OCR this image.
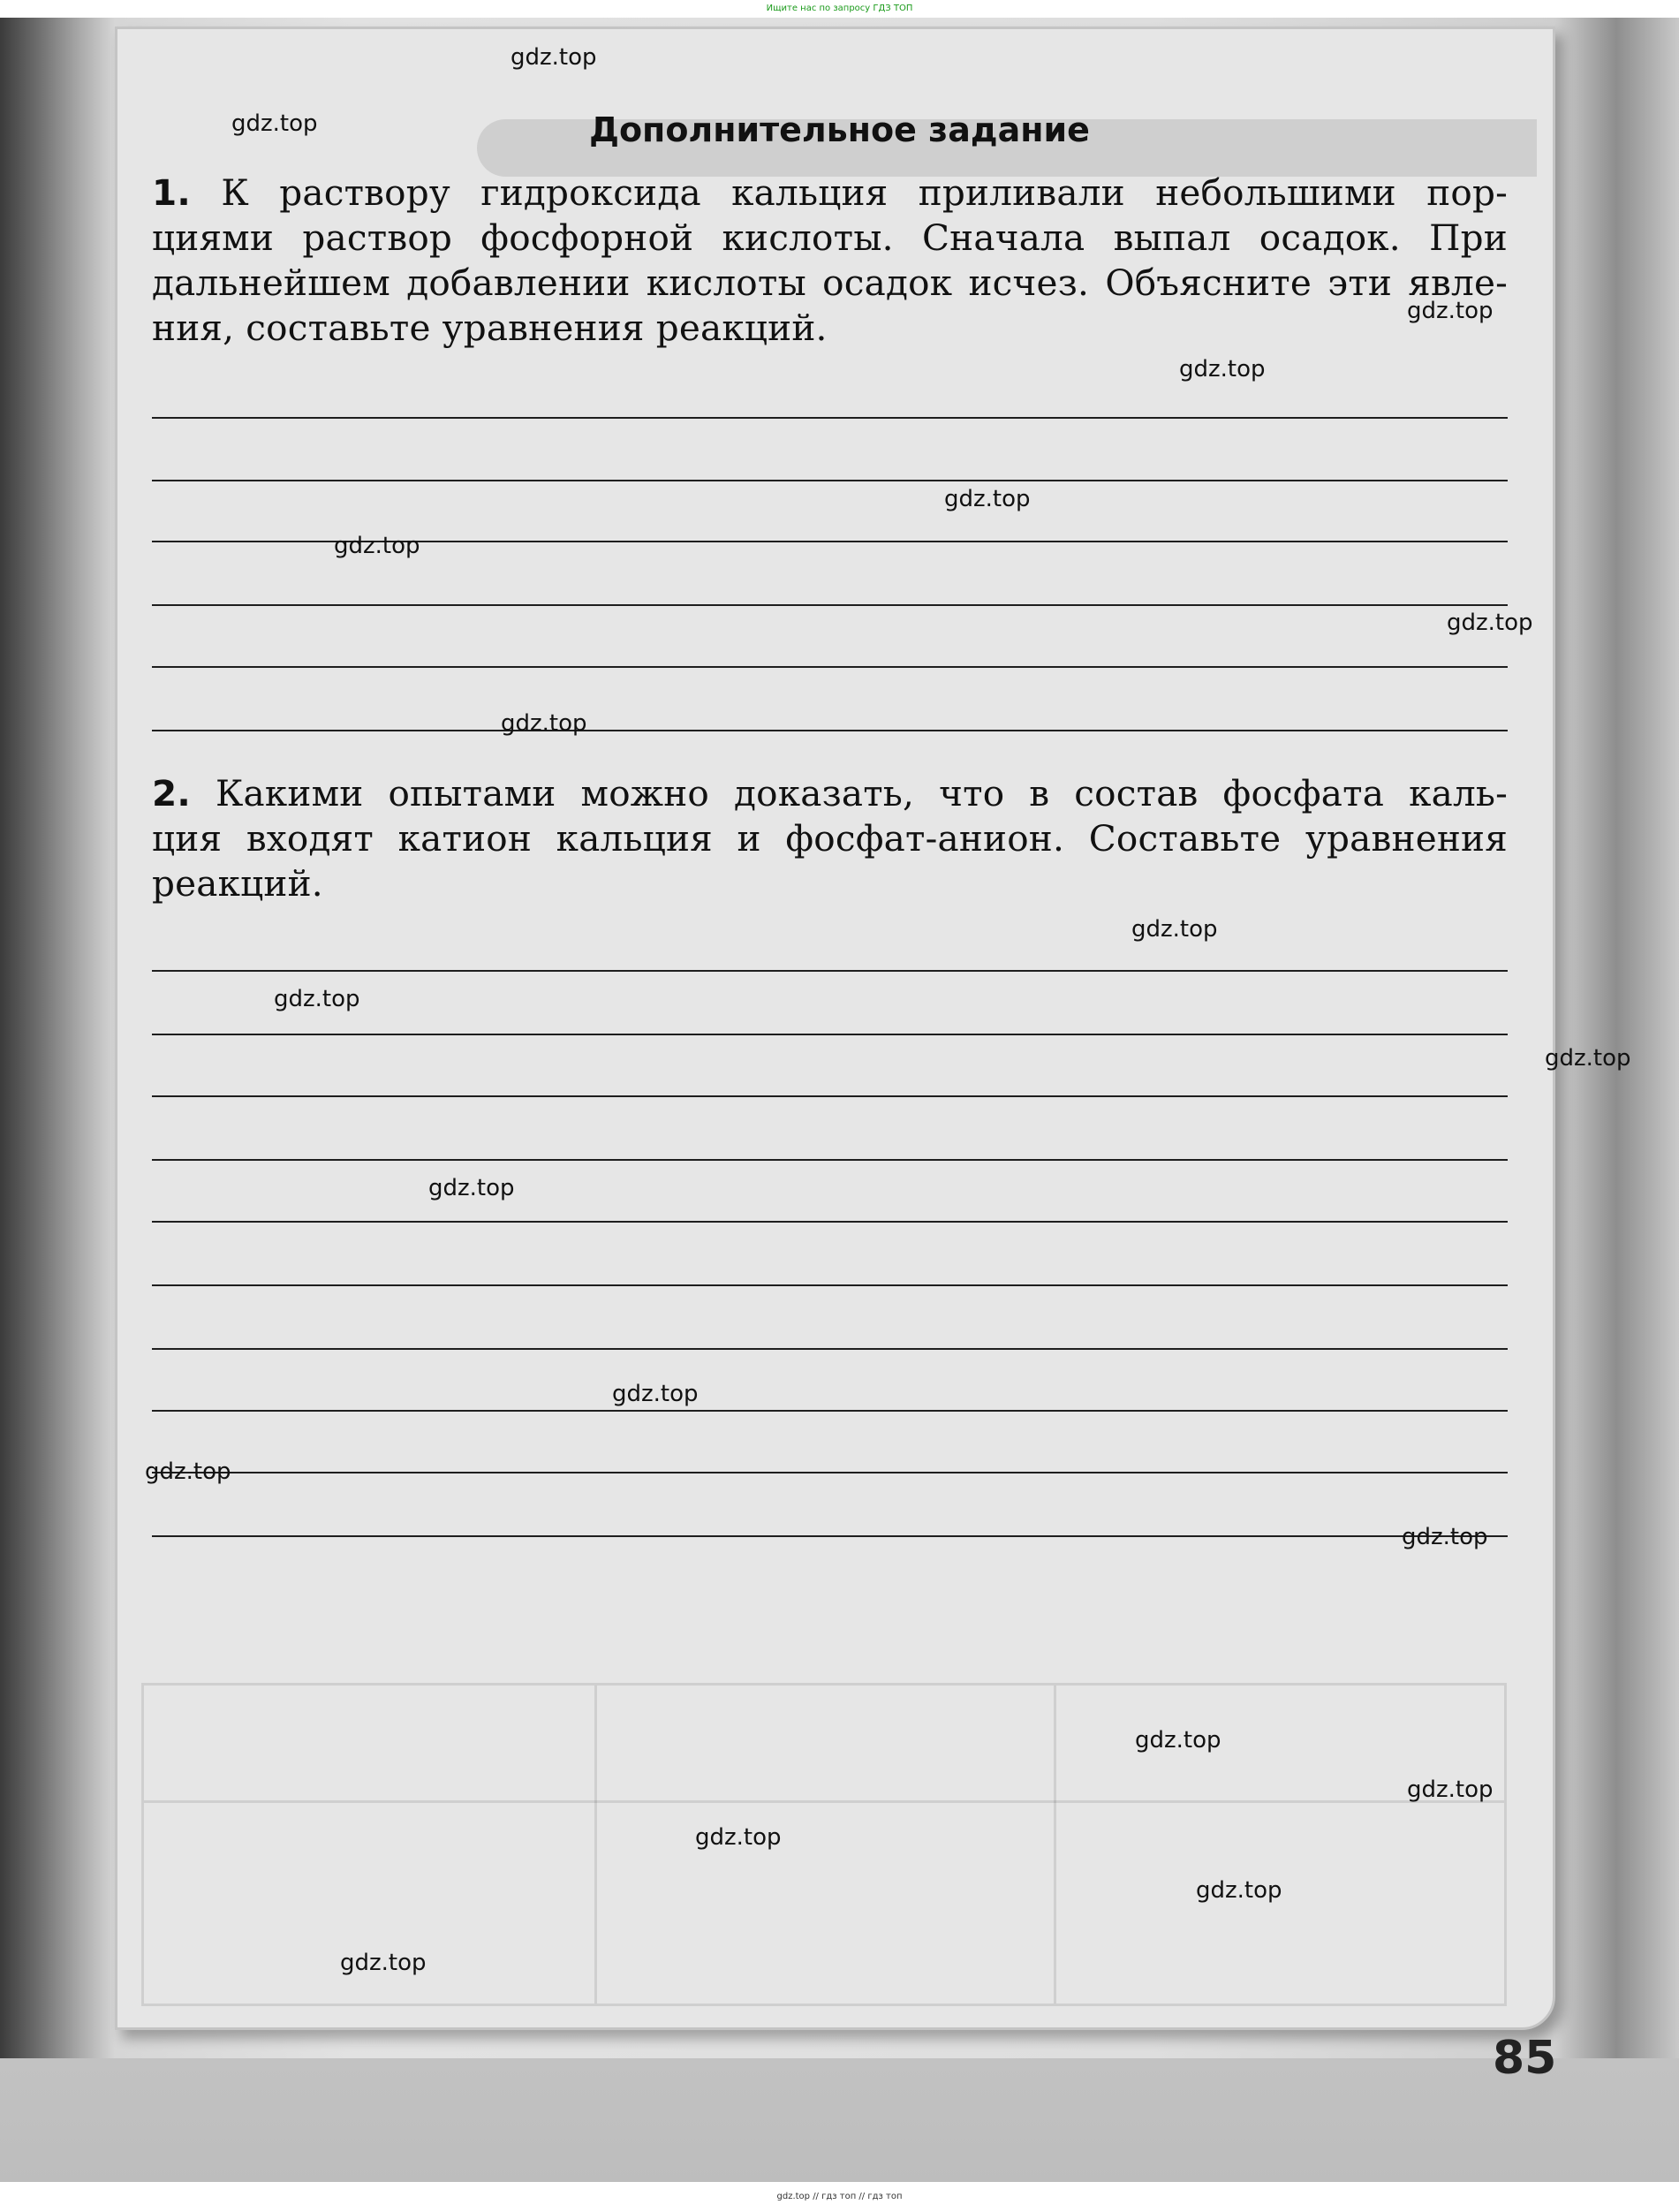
Ищите нас по запросу ГДЗ ТОП
Дополнительное задание
1. К раствору гидроксида кальция приливали небольшими пор-
циями раствор фосфорной кислоты. Сначала выпал осадок. При
дальнейшем добавлении кислоты осадок исчез. Объясните эти явле-
ния, составьте уравнения реакций.
2. Какими опытами можно доказать, что в состав фосфата каль-
ция входят катион кальция и фосфат-анион. Составьте уравнения
реакций.
gdz.top
gdz.top
gdz.top
gdz.top
gdz.top
gdz.top
gdz.top
gdz.top
gdz.top
gdz.top
gdz.top
gdz.top
gdz.top
gdz.top
gdz.top
gdz.top
gdz.top
gdz.top
gdz.top
gdz.top
85
gdz.top // гдз топ // гдз топ
